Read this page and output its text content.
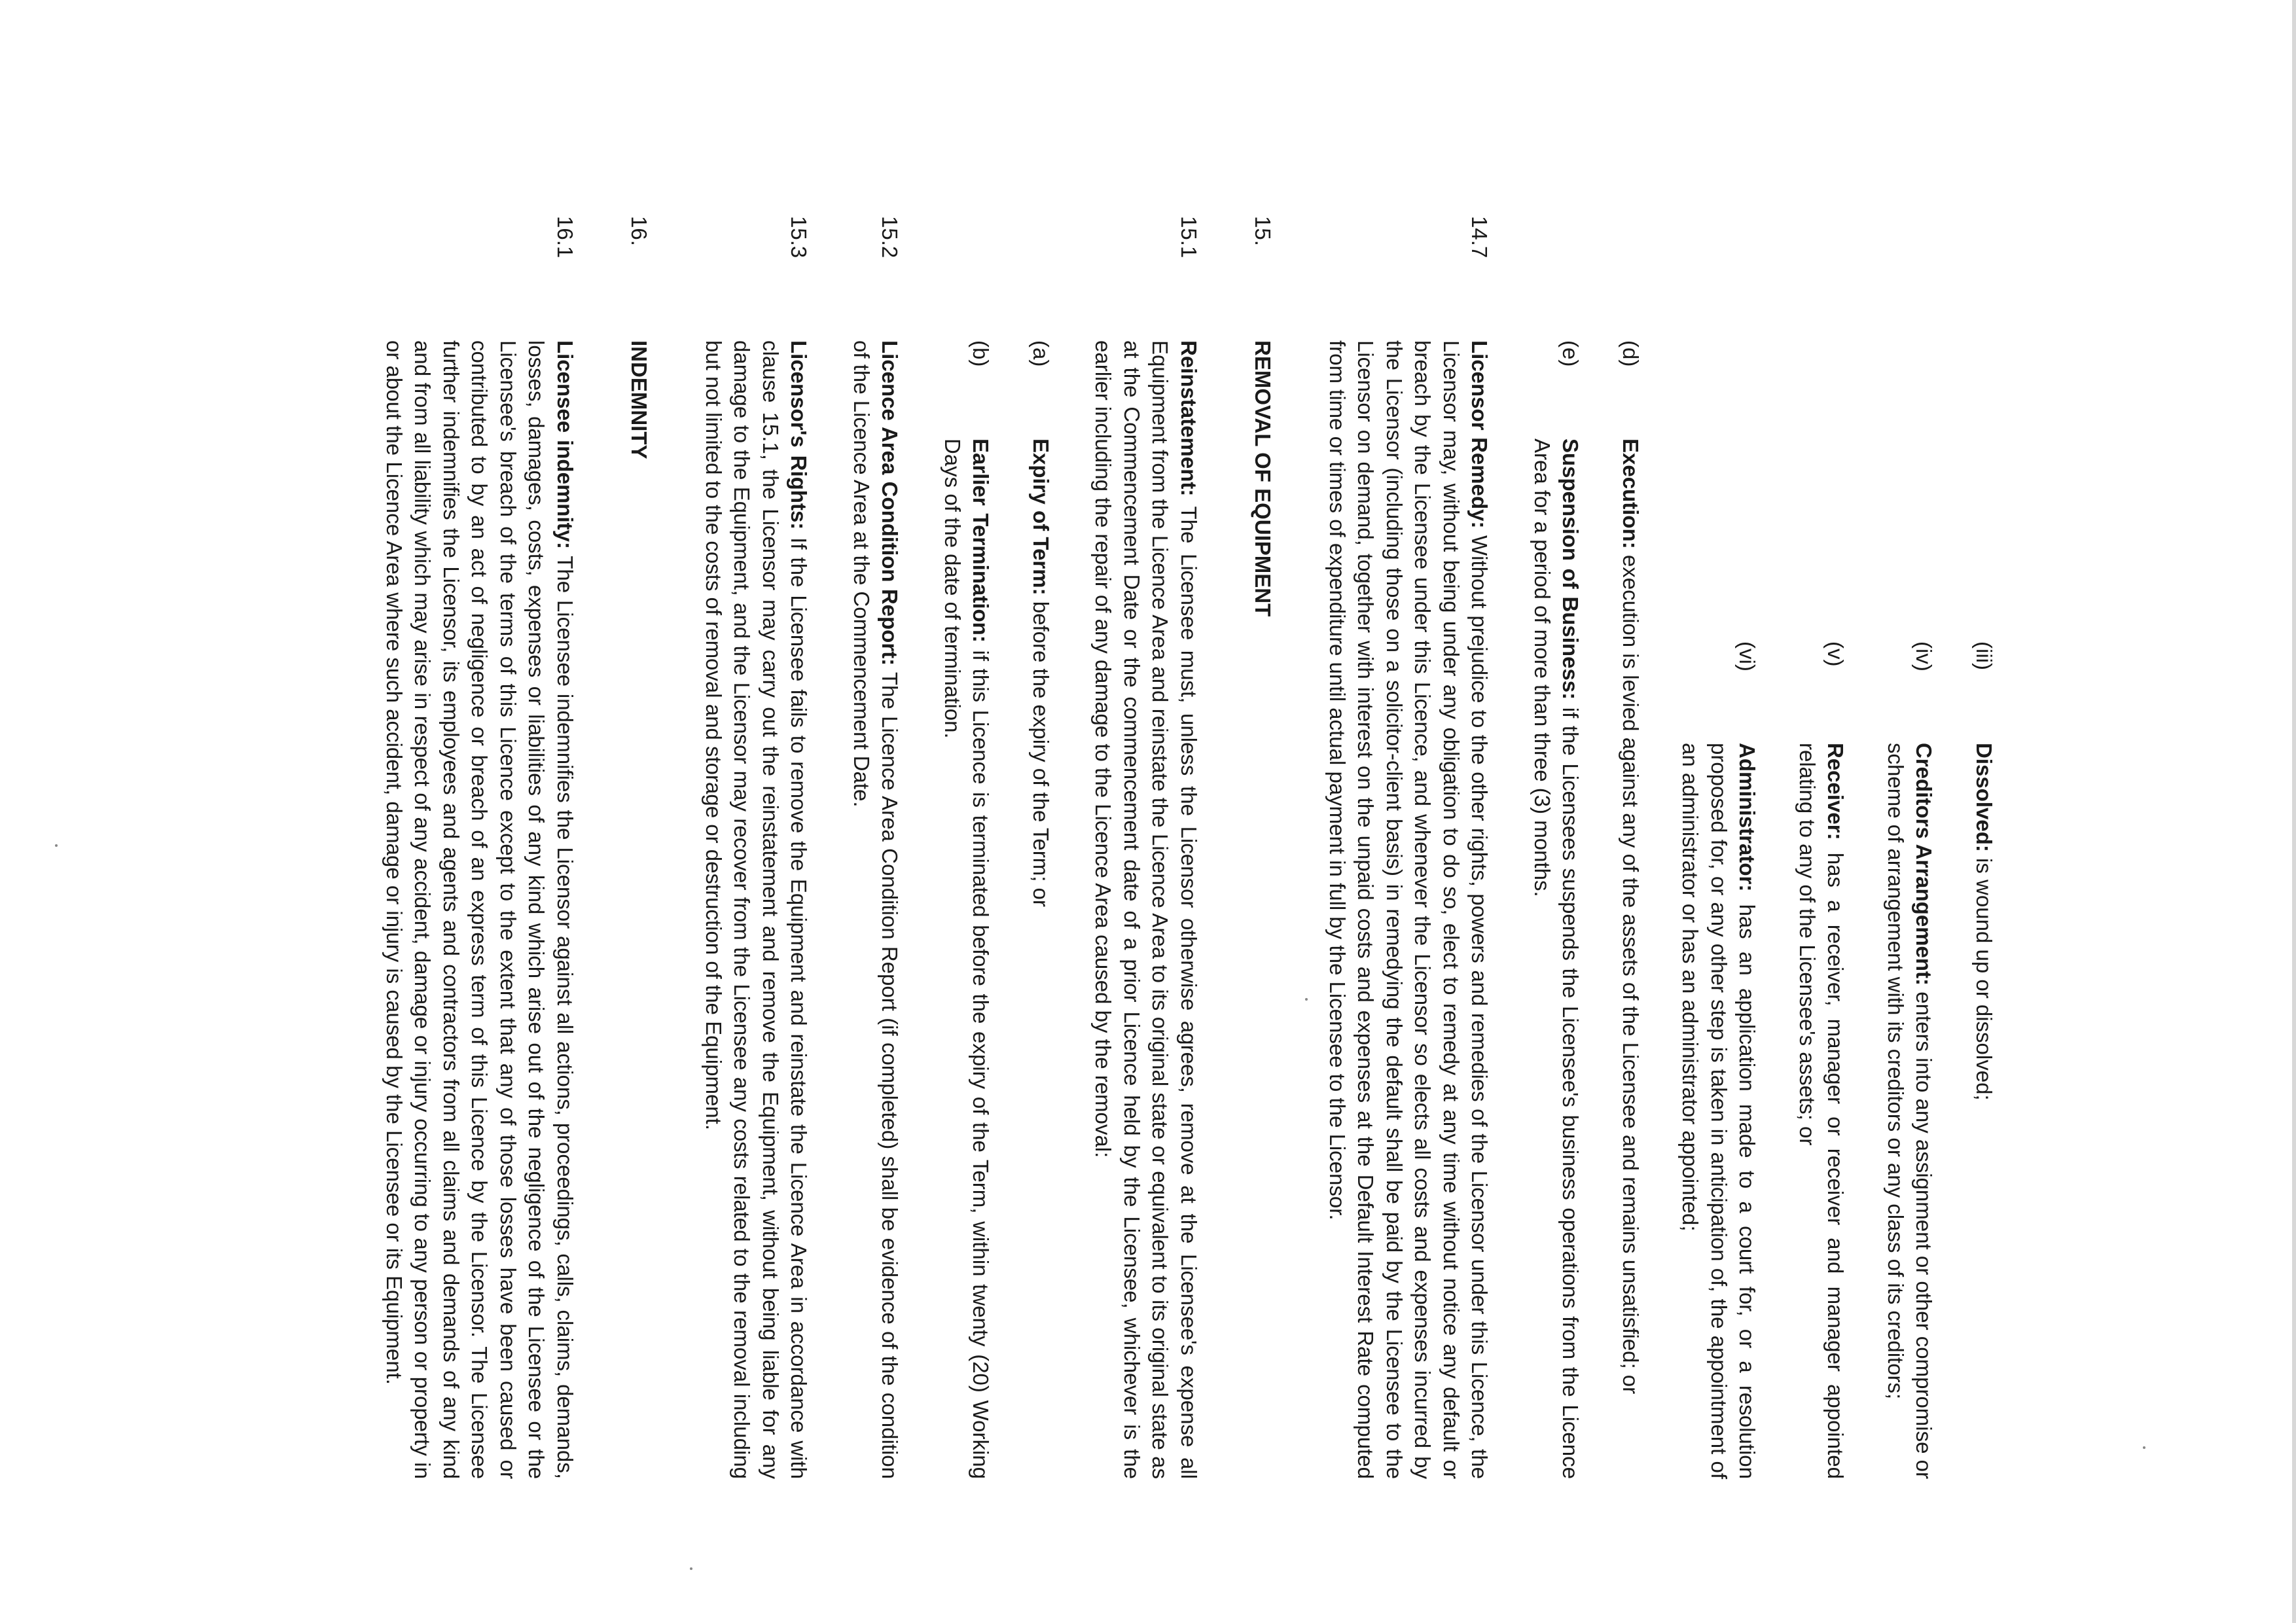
(iii)
Dissolved: is wound up or dissolved;
(iv)
Creditors Arrangement: enters into any assignment or other compromise or scheme of arrangement with its creditors or any class of its creditors;
(v)
Receiver: has a receiver, manager or receiver and manager appointed relating to any of the Licensee's assets; or
(vi)
Administrator: has an application made to a court for, or a resolution proposed for, or any other step is taken in anticipation of, the appointment of an administrator or has an administrator appointed;
(d)
Execution: execution is levied against any of the assets of the Licensee and remains unsatisfied; or
(e)
Suspension of Business: if the Licensees suspends the Licensee's business operations from the Licence Area for a period of more than three (3) months.
14.7
Licensor Remedy: Without prejudice to the other rights, powers and remedies of the Licensor under this Licence, the Licensor may, without being under any obligation to do so, elect to remedy at any time without notice any default or breach by the Licensee under this Licence, and whenever the Licensor so elects all costs and expenses incurred by the Licensor (including those on a solicitor-client basis) in remedying the default shall be paid by the Licensee to the Licensor on demand, together with interest on the unpaid costs and expenses at the Default Interest Rate computed from time or times of expenditure until actual payment in full by the Licensee to the Licensor.
15.
REMOVAL OF EQUIPMENT
15.1
Reinstatement: The Licensee must, unless the Licensor otherwise agrees, remove at the Licensee's expense all Equipment from the Licence Area and reinstate the Licence Area to its original state or equivalent to its original state as at the Commencement Date or the commencement date of a prior Licence held by the Licensee, whichever is the earlier including the repair of any damage to the Licence Area caused by the removal:
(a)
Expiry of Term: before the expiry of the Term; or
(b)
Earlier Termination: if this Licence is terminated before the expiry of the Term, within twenty (20) Working Days of the date of termination.
15.2
Licence Area Condition Report: The Licence Area Condition Report (if completed) shall be evidence of the condition of the Licence Area at the Commencement Date.
15.3
Licensor's Rights: If the Licensee fails to remove the Equipment and reinstate the Licence Area in accordance with clause 15.1, the Licensor may carry out the reinstatement and remove the Equipment, without being liable for any damage to the Equipment, and the Licensor may recover from the Licensee any costs related to the removal including but not limited to the costs of removal and storage or destruction of the Equipment.
16.
INDEMNITY
16.1
Licensee indemnity: The Licensee indemnifies the Licensor against all actions, proceedings, calls, claims, demands, losses, damages, costs, expenses or liabilities of any kind which arise out of the negligence of the Licensee or the Licensee's breach of the terms of this Licence except to the extent that any of those losses have been caused or contributed to by an act of negligence or breach of an express term of this Licence by the Licensor. The Licensee further indemnifies the Licensor, its employees and agents and contractors from all claims and demands of any kind and from all liability which may arise in respect of any accident, damage or injury occurring to any person or property in or about the Licence Area where such accident, damage or injury is caused by the Licensee or its Equipment.
